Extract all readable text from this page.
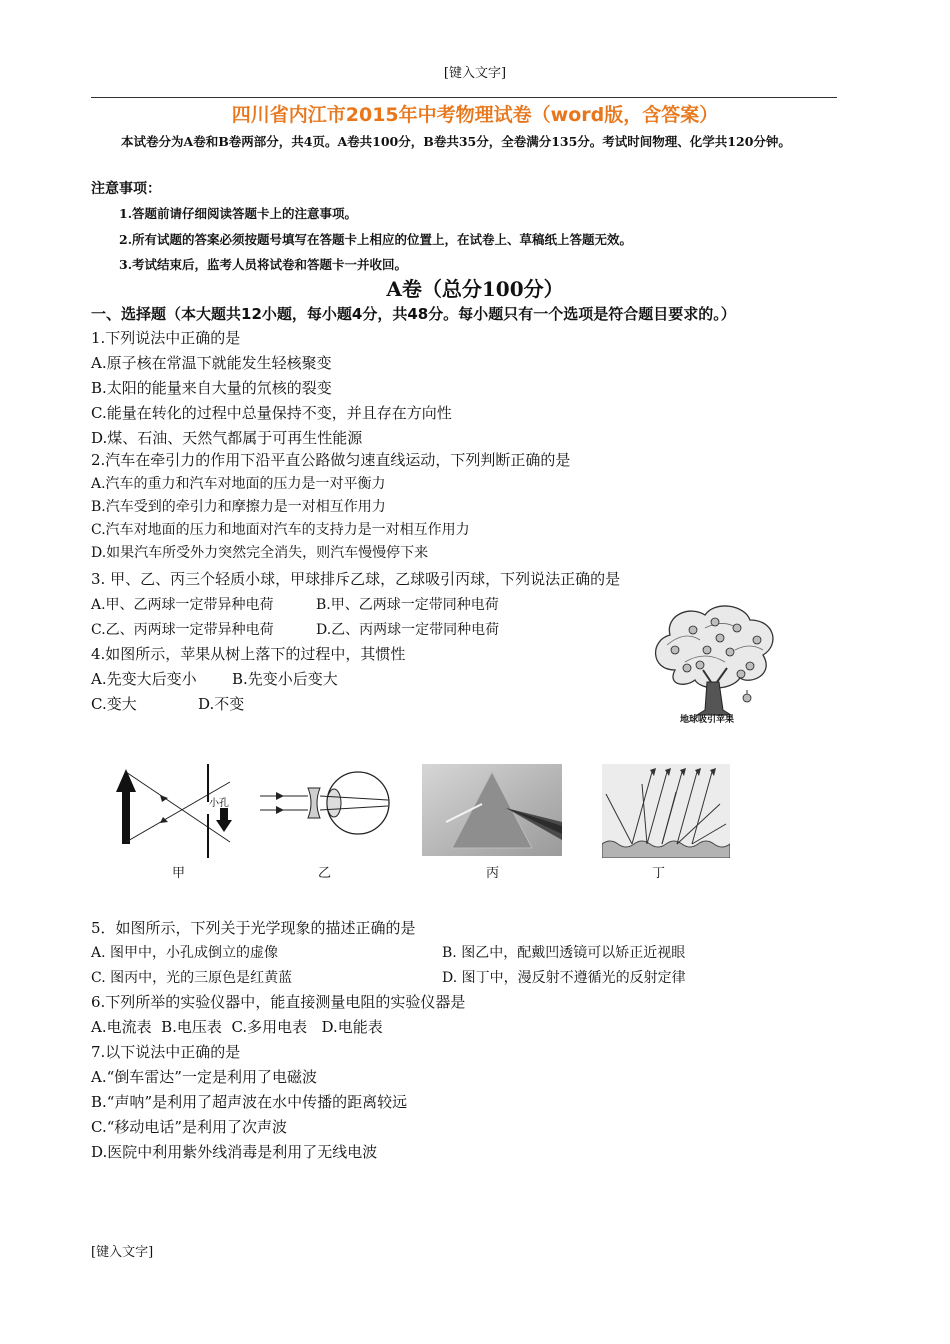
[键入文字]
四川省内江市2015年中考物理试卷（word版，含答案）
本试卷分为A卷和B卷两部分，共4页。A卷共100分，B卷共35分，全卷满分135分。考试时间物理、化学共120分钟。
注意事项：
1.答题前请仔细阅读答题卡上的注意事项。
2.所有试题的答案必须按题号填写在答题卡上相应的位置上，在试卷上、草稿纸上答题无效。
3.考试结束后，监考人员将试卷和答题卡一并收回。
A卷（总分100分）
一、选择题（本大题共12小题，每小题4分，共48分。每小题只有一个选项是符合题目要求的。）
1.下列说法中正确的是
A.原子核在常温下就能发生轻核聚变
B.太阳的能量来自大量的氘核的裂变
C.能量在转化的过程中总量保持不变，并且存在方向性
D.煤、石油、天然气都属于可再生性能源
2.汽车在牵引力的作用下沿平直公路做匀速直线运动，下列判断正确的是
A.汽车的重力和汽车对地面的压力是一对平衡力
B.汽车受到的牵引力和摩擦力是一对相互作用力
C.汽车对地面的压力和地面对汽车的支持力是一对相互作用力
D.如果汽车所受外力突然完全消失，则汽车慢慢停下来
3. 甲、乙、丙三个轻质小球，甲球排斥乙球，乙球吸引丙球，下列说法正确的是
A.甲、乙两球一定带异种电荷	B.甲、乙两球一定带同种电荷
C.乙、丙两球一定带异种电荷	D.乙、丙两球一定带同种电荷
4.如图所示，苹果从树上落下的过程中，其惯性
A.先变大后变小 B.先变小后变大
C.变大	D.不变
地球吸引苹果
小孔
甲	乙	丙	丁
5．如图所示，下列关于光学现象的描述正确的是
A. 图甲中，小孔成倒立的虚像	B. 图乙中，配戴凹透镜可以矫正近视眼
C. 图丙中，光的三原色是红黄蓝	D. 图丁中，漫反射不遵循光的反射定律
6.下列所举的实验仪器中，能直接测量电阻的实验仪器是
A.电流表  B.电压表  C.多用电表   D.电能表
7.以下说法中正确的是
A.“倒车雷达”一定是利用了电磁波
B.“声呐”是利用了超声波在水中传播的距离较远
C.“移动电话”是利用了次声波
D.医院中利用紫外线消毒是利用了无线电波
[键入文字]
